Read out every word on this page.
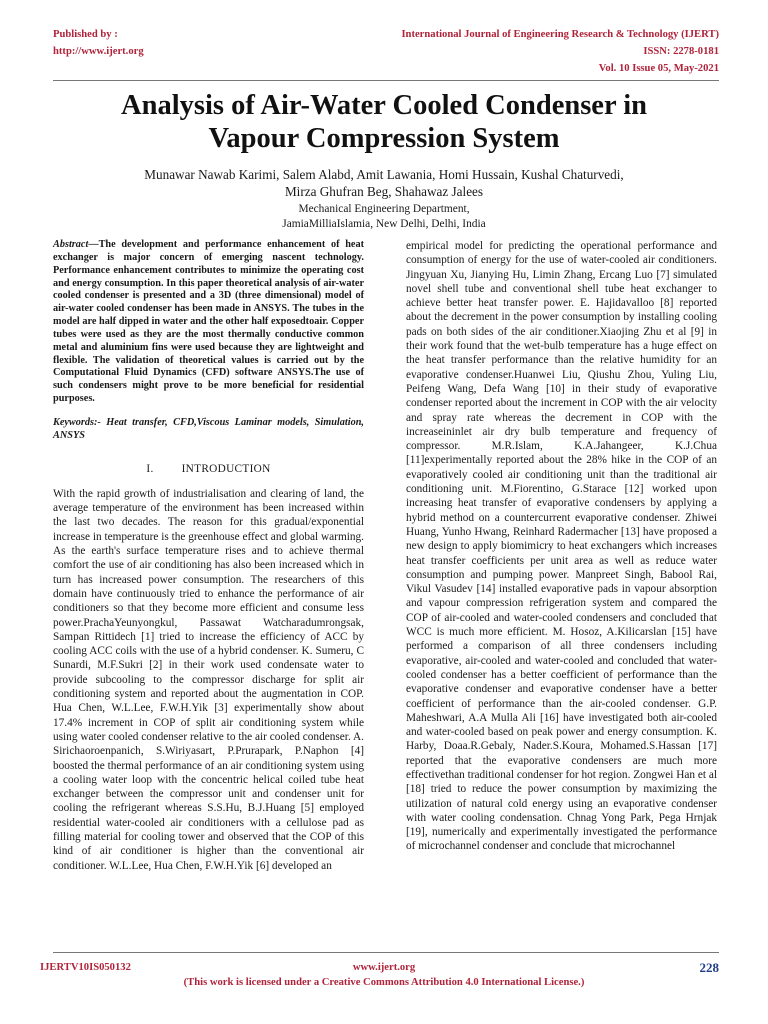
Published by :
http://www.ijert.org
International Journal of Engineering Research & Technology (IJERT)
ISSN: 2278-0181
Vol. 10 Issue 05, May-2021
Analysis of Air-Water Cooled Condenser in
Vapour Compression System
Munawar Nawab Karimi, Salem Alabd, Amit Lawania, Homi Hussain, Kushal Chaturvedi,
Mirza Ghufran Beg, Shahawaz Jalees
Mechanical Engineering Department,
JamiaMilliaIslamia, New Delhi, Delhi, India

Abstract—The development and performance enhancement of heat exchanger is major concern of emerging nascent technology. Performance enhancement contributes to minimize the operating cost and energy consumption. In this paper theoretical analysis of air-water cooled condenser is presented and a 3D (three dimensional) model of air-water cooled condenser has been made in ANSYS. The tubes in the model are half dipped in water and the other half exposedtoair. Copper tubes were used as they are the most thermally conductive common metal and aluminium fins were used because they are lightweight and flexible. The validation of theoretical values is carried out by the Computational Fluid Dynamics (CFD) software ANSYS.The use of such condensers might prove to be more beneficial for residential purposes.

Keywords:- Heat transfer, CFD,Viscous Laminar models, Simulation, ANSYS

I. INTRODUCTION

With the rapid growth of industrialisation and clearing of land, the average temperature of the environment has been increased within the last two decades. The reason for this gradual/exponential increase in temperature is the greenhouse effect and global warming. As the earth's surface temperature rises and to achieve thermal comfort the use of air conditioning has also been increased which in turn has increased power consumption. The researchers of this domain have continuously tried to enhance the performance of air conditioners so that they become more efficient and consume less power.PrachaYeunyongkul, Passawat Watcharadumrongsak, Sampan Rittidech [1] tried to increase the efficiency of ACC by cooling ACC coils with the use of a hybrid condenser. K. Sumeru, C Sunardi, M.F.Sukri [2] in their work used condensate water to provide subcooling to the compressor discharge for split air conditioning system and reported about the augmentation in COP. Hua Chen, W.L.Lee, F.W.H.Yik [3] experimentally show about 17.4% increment in COP of split air conditioning system while using water cooled condenser relative to the air cooled condenser. A. Sirichaoroenpanich, S.Wiriyasart, P.Prurapark, P.Naphon [4] boosted the thermal performance of an air conditioning system using a cooling water loop with the concentric helical coiled tube heat exchanger between the compressor unit and condenser unit for cooling the refrigerant whereas S.S.Hu, B.J.Huang [5] employed residential water-cooled air conditioners with a cellulose pad as filling material for cooling tower and observed that the COP of this kind of air conditioner is higher than the conventional air conditioner. W.L.Lee, Hua Chen, F.W.H.Yik [6] developed an

empirical model for predicting the operational performance and consumption of energy for the use of water-cooled air conditioners. Jingyuan Xu, Jianying Hu, Limin Zhang, Ercang Luo [7] simulated novel shell tube and conventional shell tube heat exchanger to achieve better heat transfer power. E. Hajidavalloo [8] reported about the decrement in the power consumption by installing cooling pads on both sides of the air conditioner.Xiaojing Zhu et al [9] in their work found that the wet-bulb temperature has a huge effect on the heat transfer performance than the relative humidity for an evaporative condenser.Huanwei Liu, Qiushu Zhou, Yuling Liu, Peifeng Wang, Defa Wang [10] in their study of evaporative condenser reported about the increment in COP with the air velocity and spray rate whereas the decrement in COP with the increaseininlet air dry bulb temperature and frequency of compressor. M.R.Islam, K.A.Jahangeer, K.J.Chua [11]experimentally reported about the 28% hike in the COP of an evaporatively cooled air conditioning unit than the traditional air conditioning unit. M.Fiorentino, G.Starace [12] worked upon increasing heat transfer of evaporative condensers by applying a hybrid method on a countercurrent evaporative condenser. Zhiwei Huang, Yunho Hwang, Reinhard Radermacher [13] have proposed a new design to apply biomimicry to heat exchangers which increases heat transfer coefficients per unit area as well as reduce water consumption and pumping power. Manpreet Singh, Babool Rai, Vikul Vasudev [14] installed evaporative pads in vapour absorption and vapour compression refrigeration system and compared the COP of air-cooled and water-cooled condensers and concluded that WCC is much more efficient. M. Hosoz, A.Kilicarslan [15] have performed a comparison of all three condensers including evaporative, air-cooled and water-cooled and concluded that water-cooled condenser has a better coefficient of performance than the evaporative condenser and evaporative condenser have a better coefficient of performance than the air-cooled condenser. G.P. Maheshwari, A.A Mulla Ali [16] have investigated both air-cooled and water-cooled based on peak power and energy consumption. K. Harby, Doaa.R.Gebaly, Nader.S.Koura, Mohamed.S.Hassan [17] reported that the evaporative condensers are much more effectivethan traditional condenser for hot region. Zongwei Han et al [18] tried to reduce the power consumption by maximizing the utilization of natural cold energy using an evaporative condenser with water cooling condensation. Chnag Yong Park, Pega Hrnjak [19], numerically and experimentally investigated the performance of microchannel condenser and conclude that microchannel

IJERTV10IS050132	www.ijert.org	228
(This work is licensed under a Creative Commons Attribution 4.0 International License.)
